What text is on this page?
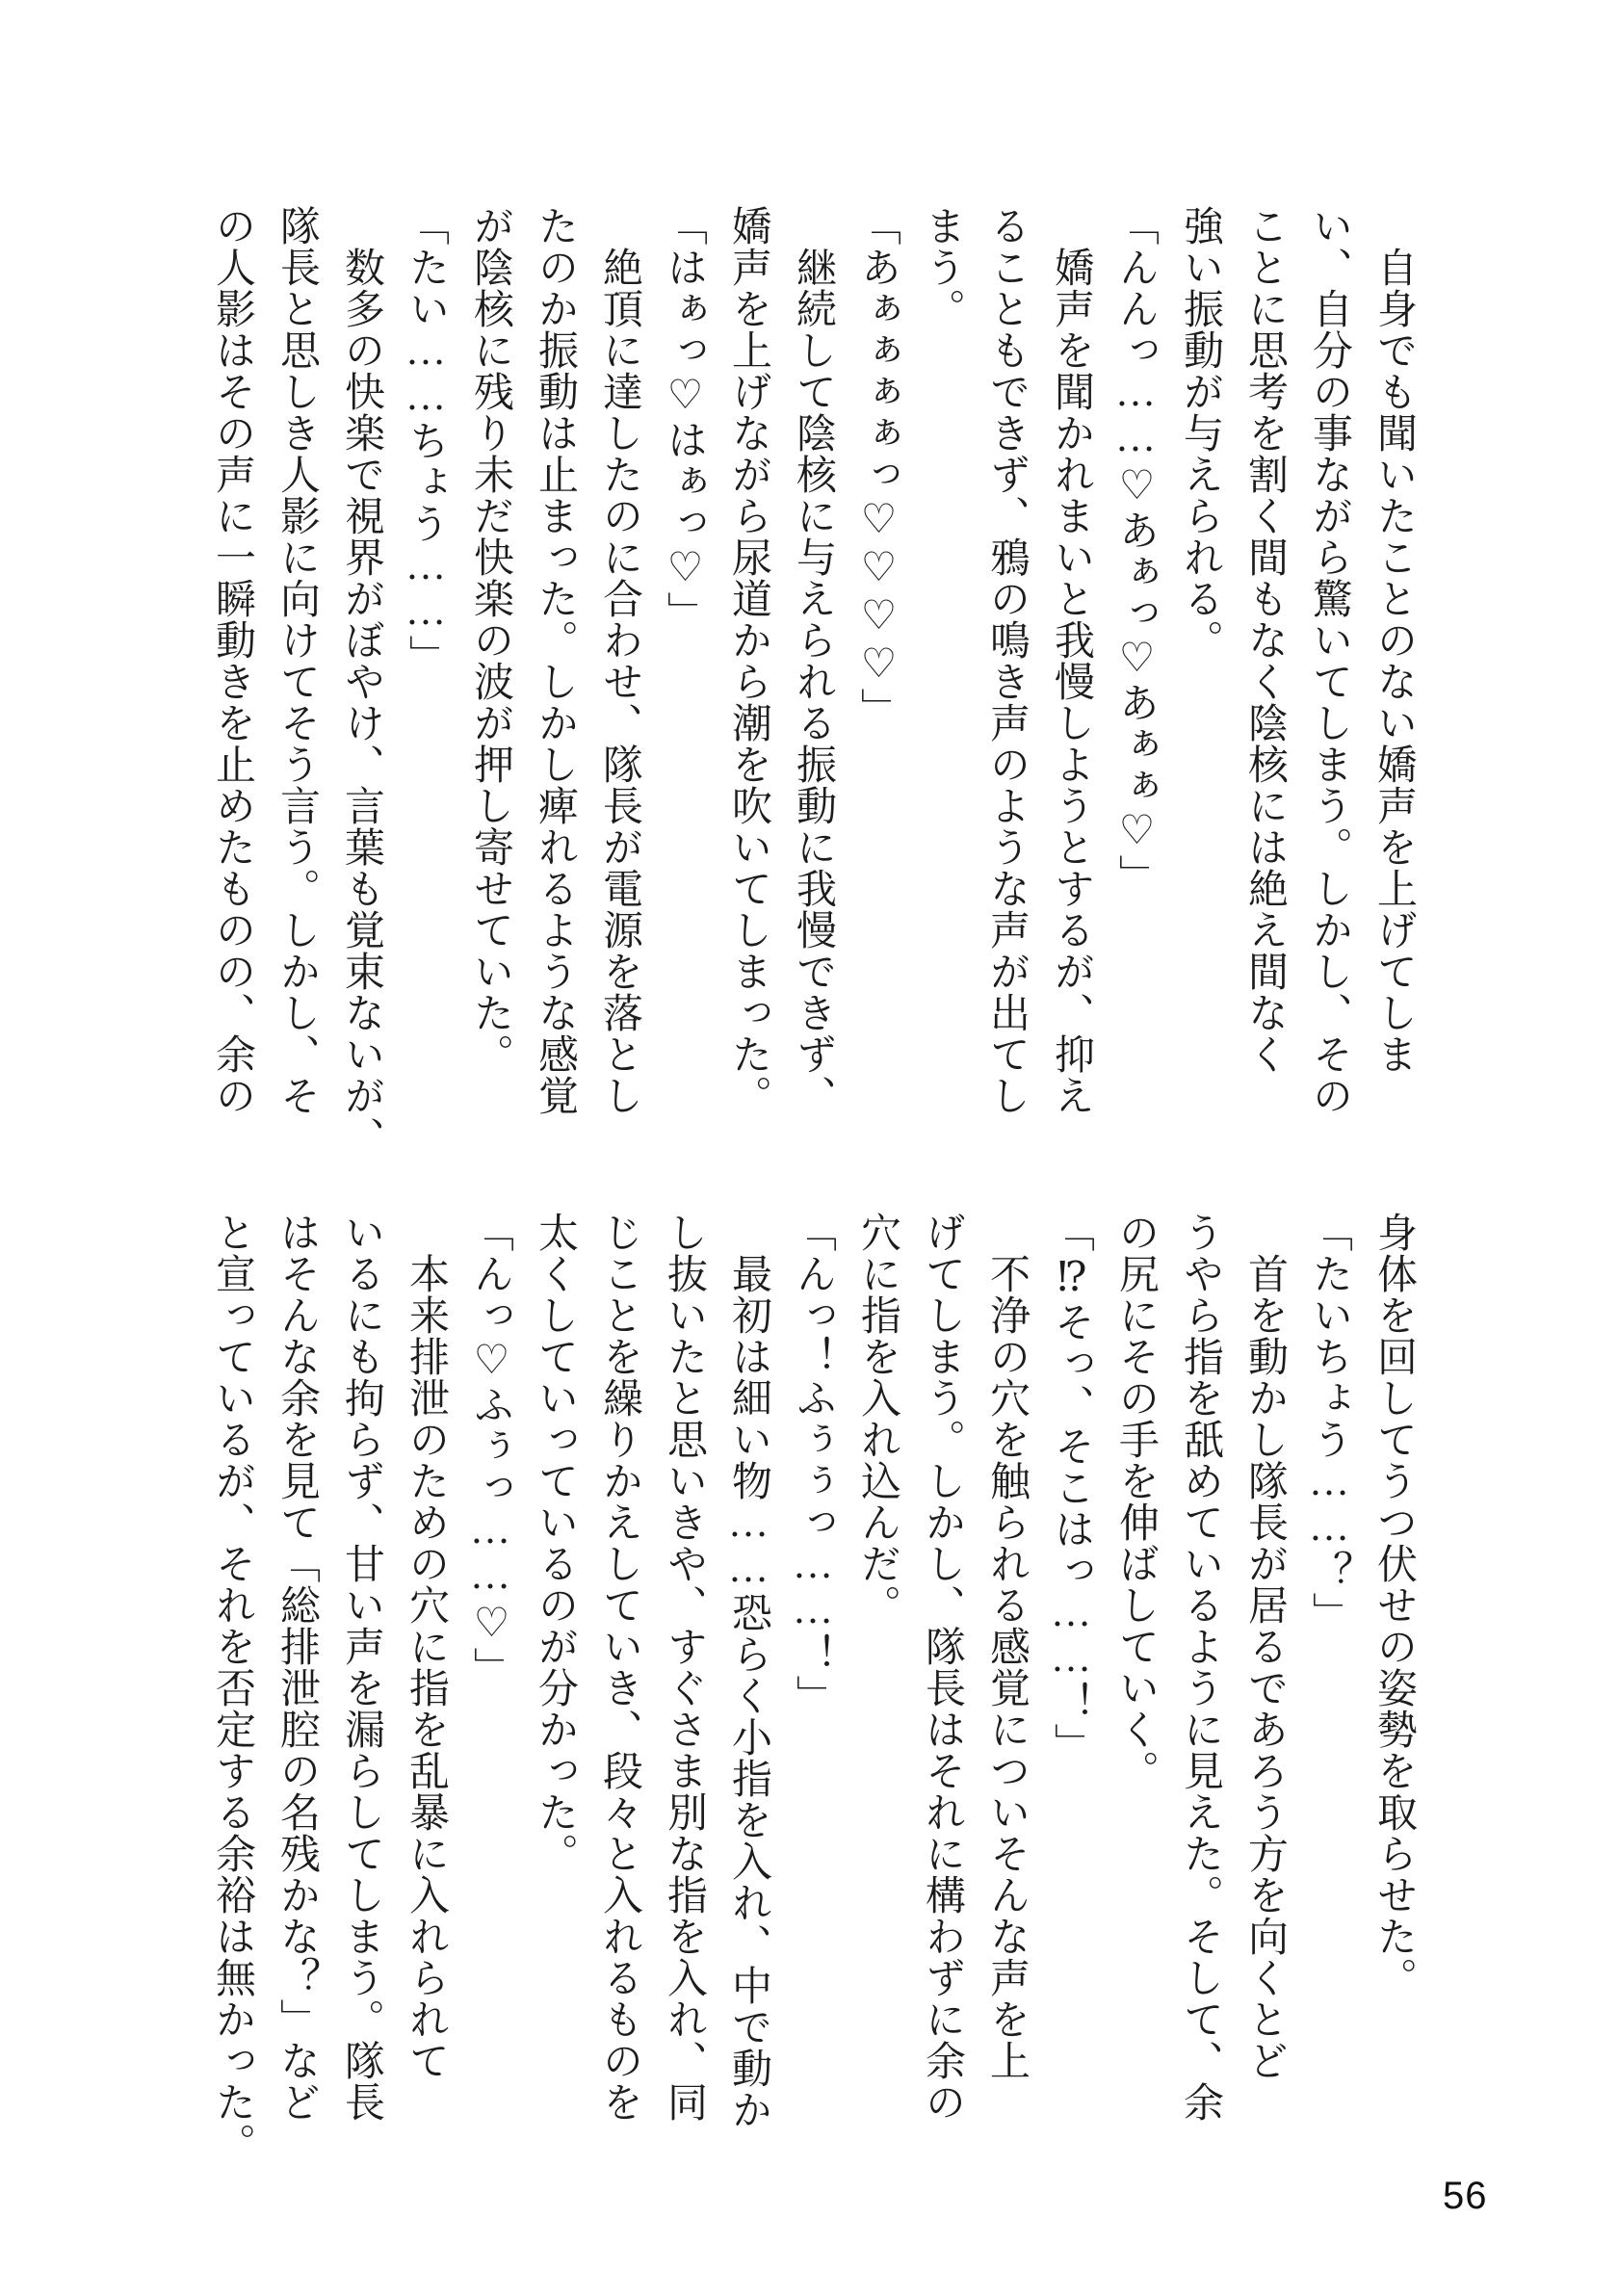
　自身でも聞いたことのない嬌声を上げてしま
い、自分の事ながら驚いてしまう。しかし、その
ことに思考を割く間もなく陰核には絶え間なく
強い振動が与えられる。
「んんっ……♡あぁっ♡あぁぁ♡」
　嬌声を聞かれまいと我慢しようとするが、抑え
ることもできず、鴉の鳴き声のような声が出てし
まう。
「あぁぁぁぁっ♡♡♡♡」
　継続して陰核に与えられる振動に我慢できず、
嬌声を上げながら尿道から潮を吹いてしまった。
「はぁっ♡はぁっ♡」
　絶頂に達したのに合わせ、隊長が電源を落とし
たのか振動は止まった。しかし痺れるような感覚
が陰核に残り未だ快楽の波が押し寄せていた。
「たい……ちょう……」
　数多の快楽で視界がぼやけ、言葉も覚束ないが、
隊長と思しき人影に向けてそう言う。しかし、そ
の人影はその声に一瞬動きを止めたものの、余の
身体を回してうつ伏せの姿勢を取らせた。
「たいちょう……？」
　首を動かし隊長が居るであろう方を向くとど
うやら指を舐めているように見えた。そして、余
の尻にその手を伸ばしていく。
「⁉そっ、そこはっ……！」
　不浄の穴を触られる感覚についそんな声を上
げてしまう。しかし、隊長はそれに構わずに余の
穴に指を入れ込んだ。
「んっ！ふぅぅっ……！」
　最初は細い物……恐らく小指を入れ、中で動か
し抜いたと思いきや、すぐさま別な指を入れ、同
じことを繰りかえしていき、段々と入れるものを
太くしていっているのが分かった。
「んっ♡ふぅっ……♡」
　本来排泄のための穴に指を乱暴に入れられて
いるにも拘らず、甘い声を漏らしてしまう。隊長
はそんな余を見て「総排泄腔の名残かな？」など
と宣っているが、それを否定する余裕は無かった。
56
